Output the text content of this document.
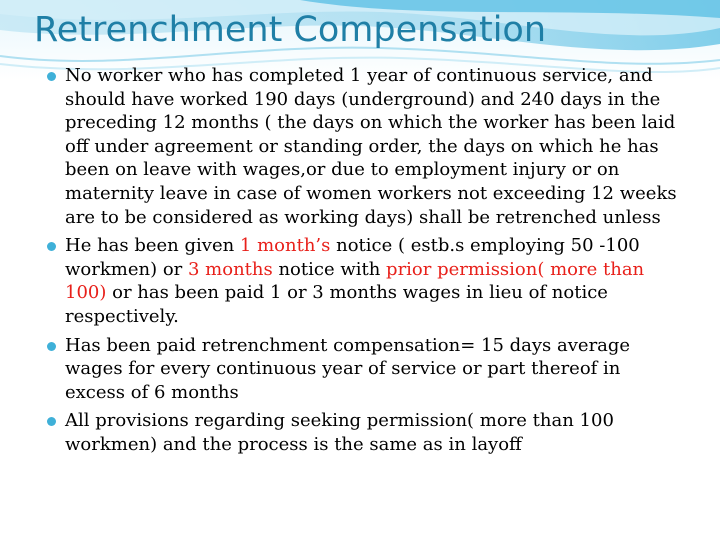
Retrenchment Compensation
No worker who has completed 1 year of continuous service, and should have worked 190 days (underground) and 240 days in the preceding 12 months ( the days on which the worker has been laid off under agreement or standing order, the days on which he has been on leave with wages,or due to employment injury or on maternity leave in case of women workers not exceeding 12 weeks are to be considered as working days) shall be retrenched unless
He has been given 1 month’s notice ( estb.s employing 50 -100 workmen) or 3 months notice with prior permission( more than 100) or has been paid 1 or 3 months wages in lieu of notice respectively.
Has been paid retrenchment compensation= 15 days average wages for every continuous year of service or part thereof in excess of 6 months
All provisions regarding seeking permission( more than 100 workmen) and the process is the same as in layoff
